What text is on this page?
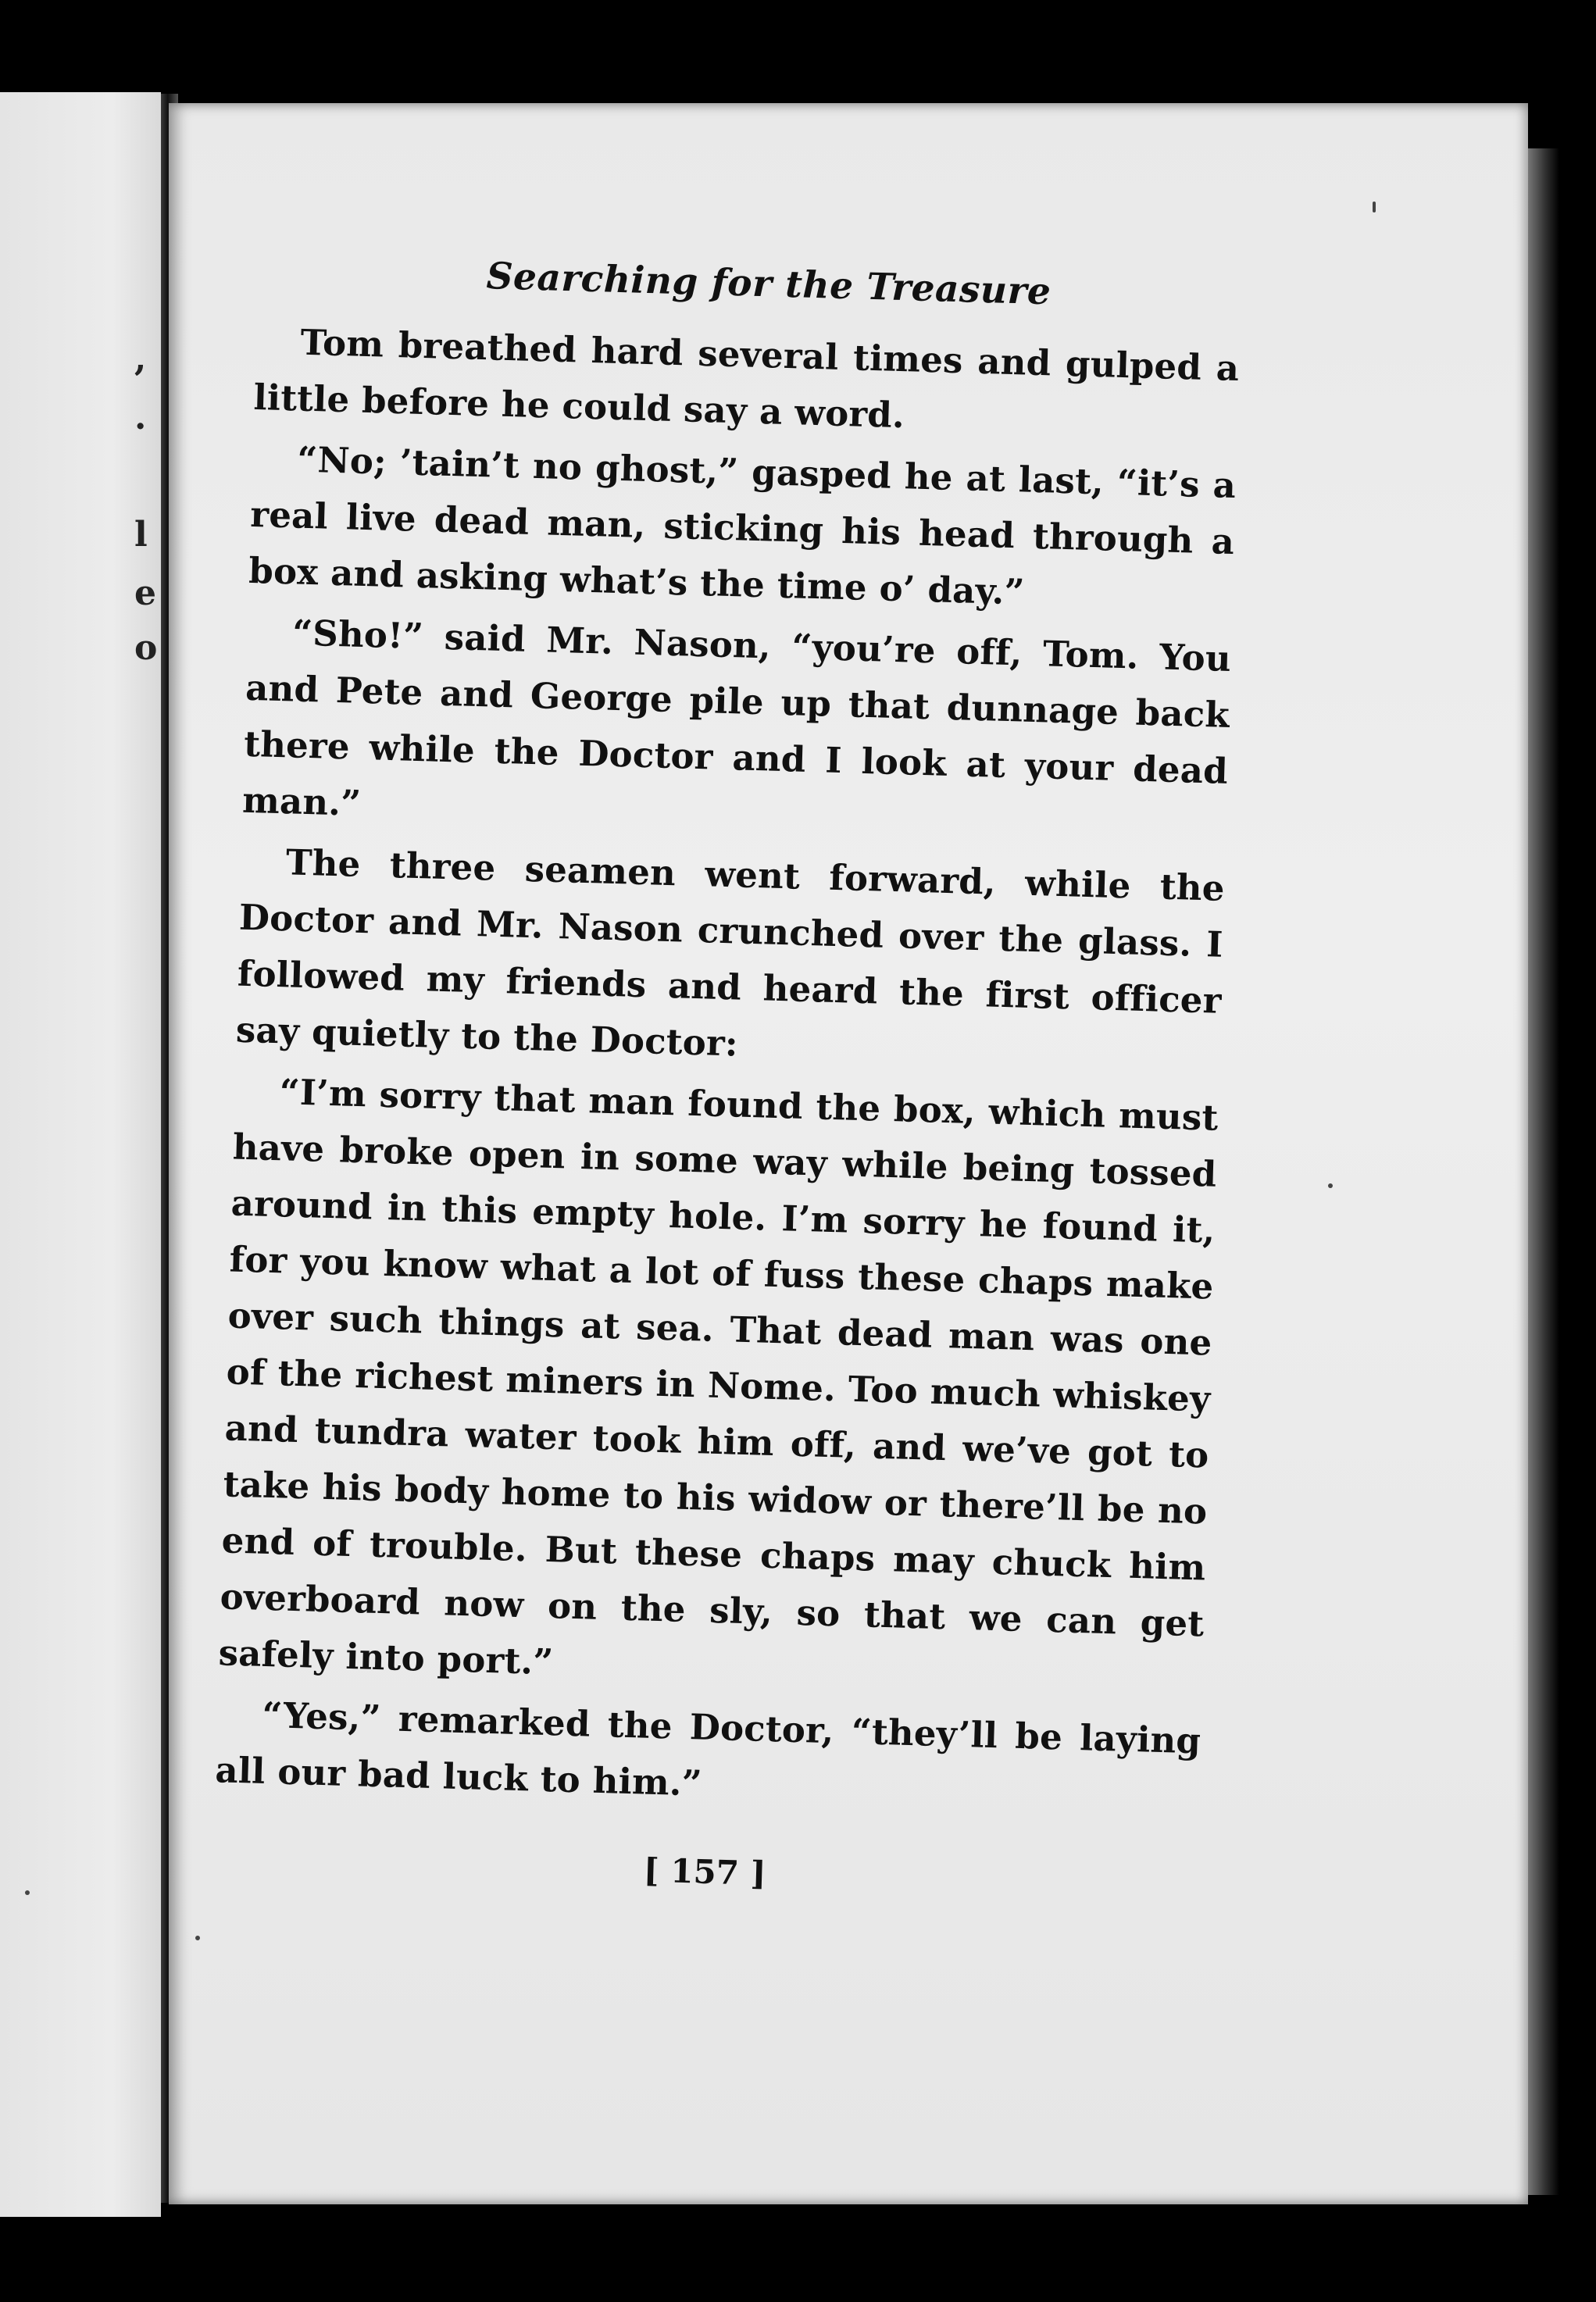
,
.
l
e
o
Searching for the Treasure

Tom breathed hard several times and gulped a little before he could say a word.

“No; ’tain’t no ghost,” gasped he at last, “it’s a real live dead man, sticking his head through a box and asking what’s the time o’ day.”

“Sho!” said Mr. Nason, “you’re off, Tom. You and Pete and George pile up that dunnage back there while the Doctor and I look at your dead man.”

The three seamen went forward, while the Doctor and Mr. Nason crunched over the glass. I followed my friends and heard the first officer say quietly to the Doctor:

“I’m sorry that man found the box, which must have broke open in some way while being tossed around in this empty hole. I’m sorry he found it, for you know what a lot of fuss these chaps make over such things at sea. That dead man was one of the richest miners in Nome. Too much whiskey and tundra water took him off, and we’ve got to take his body home to his widow or there’ll be no end of trouble. But these chaps may chuck him overboard now on the sly, so that we can get safely into port.”

“Yes,” remarked the Doctor, “they’ll be laying all our bad luck to him.”

[ 157 ]
